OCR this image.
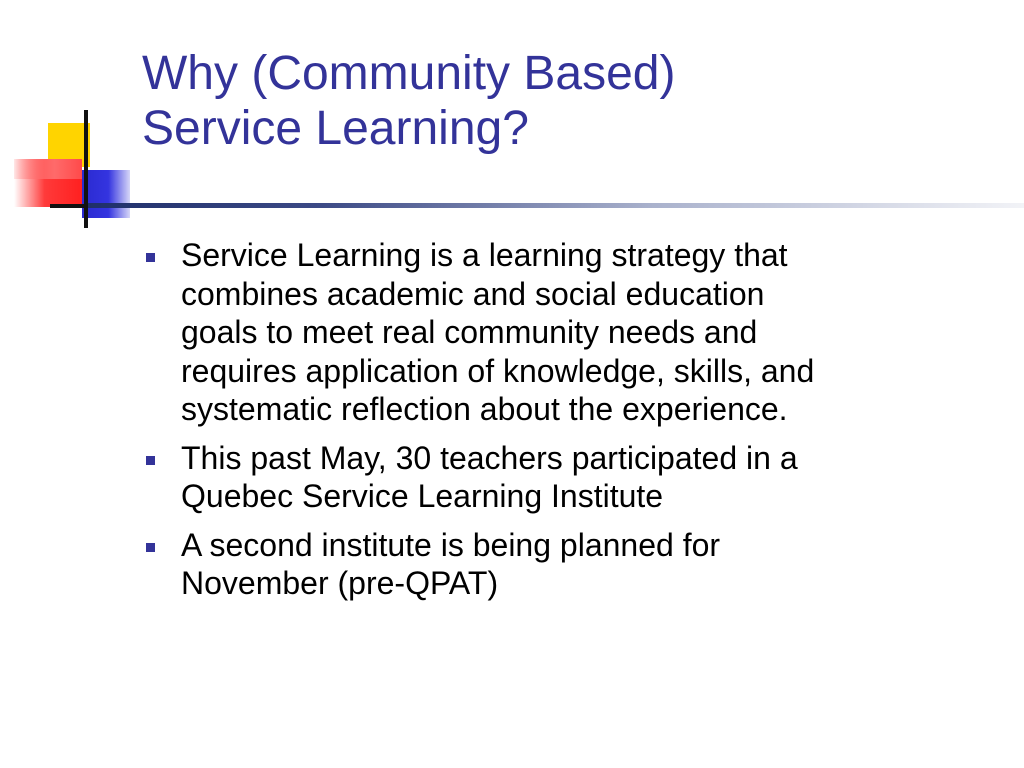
Why (Community Based)
Service Learning?
Service Learning is a learning strategy that
combines academic and social education
goals to meet real community needs and
requires application of knowledge, skills, and
systematic reflection about the experience.
This past May, 30 teachers participated in a
Quebec Service Learning Institute
A second institute is being planned for
November (pre-QPAT)
